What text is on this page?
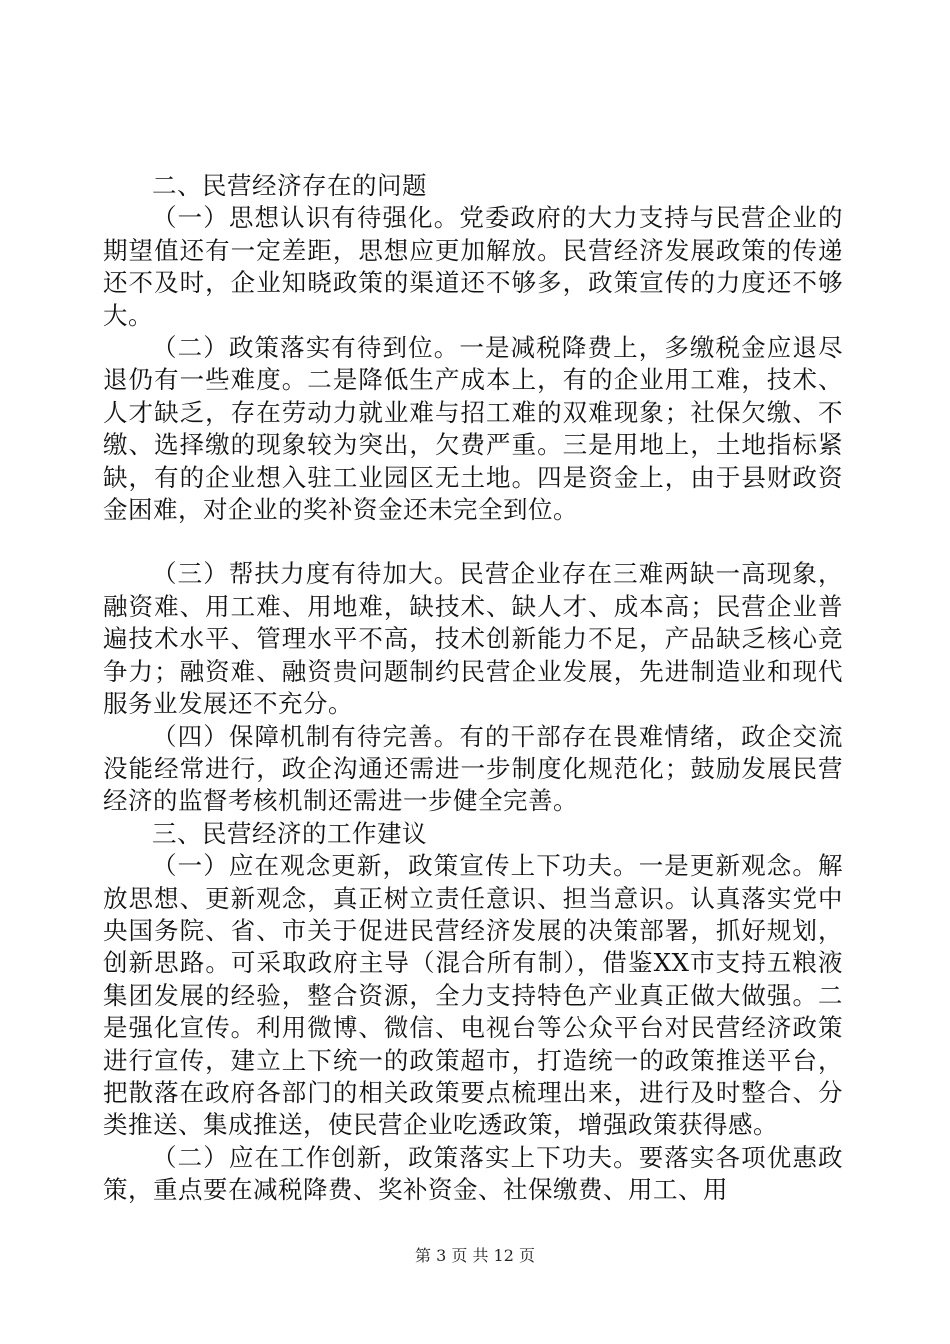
二、民营经济存在的问题

（一）思想认识有待强化。党委政府的大力支持与民营企业的期望值还有一定差距，思想应更加解放。民营经济发展政策的传递还不及时，企业知晓政策的渠道还不够多，政策宣传的力度还不够大。

（二）政策落实有待到位。一是减税降费上，多缴税金应退尽退仍有一些难度。二是降低生产成本上，有的企业用工难，技术、人才缺乏，存在劳动力就业难与招工难的双难现象；社保欠缴、不缴、选择缴的现象较为突出，欠费严重。三是用地上，土地指标紧缺，有的企业想入驻工业园区无土地。四是资金上，由于县财政资金困难，对企业的奖补资金还未完全到位。

（三）帮扶力度有待加大。民营企业存在三难两缺一高现象，融资难、用工难、用地难，缺技术、缺人才、成本高；民营企业普遍技术水平、管理水平不高，技术创新能力不足，产品缺乏核心竞争力；融资难、融资贵问题制约民营企业发展，先进制造业和现代服务业发展还不充分。

（四）保障机制有待完善。有的干部存在畏难情绪，政企交流没能经常进行，政企沟通还需进一步制度化规范化；鼓励发展民营经济的监督考核机制还需进一步健全完善。

三、民营经济的工作建议

（一）应在观念更新，政策宣传上下功夫。一是更新观念。解放思想、更新观念，真正树立责任意识、担当意识。认真落实党中央国务院、省、市关于促进民营经济发展的决策部署，抓好规划，创新思路。可采取政府主导（混合所有制），借鉴XX市支持五粮液集团发展的经验，整合资源，全力支持特色产业真正做大做强。二是强化宣传。利用微博、微信、电视台等公众平台对民营经济政策进行宣传，建立上下统一的政策超市，打造统一的政策推送平台，把散落在政府各部门的相关政策要点梳理出来，进行及时整合、分类推送、集成推送，使民营企业吃透政策，增强政策获得感。

（二）应在工作创新，政策落实上下功夫。要落实各项优惠政策，重点要在减税降费、奖补资金、社保缴费、用工、用

第 3 页 共 12 页
